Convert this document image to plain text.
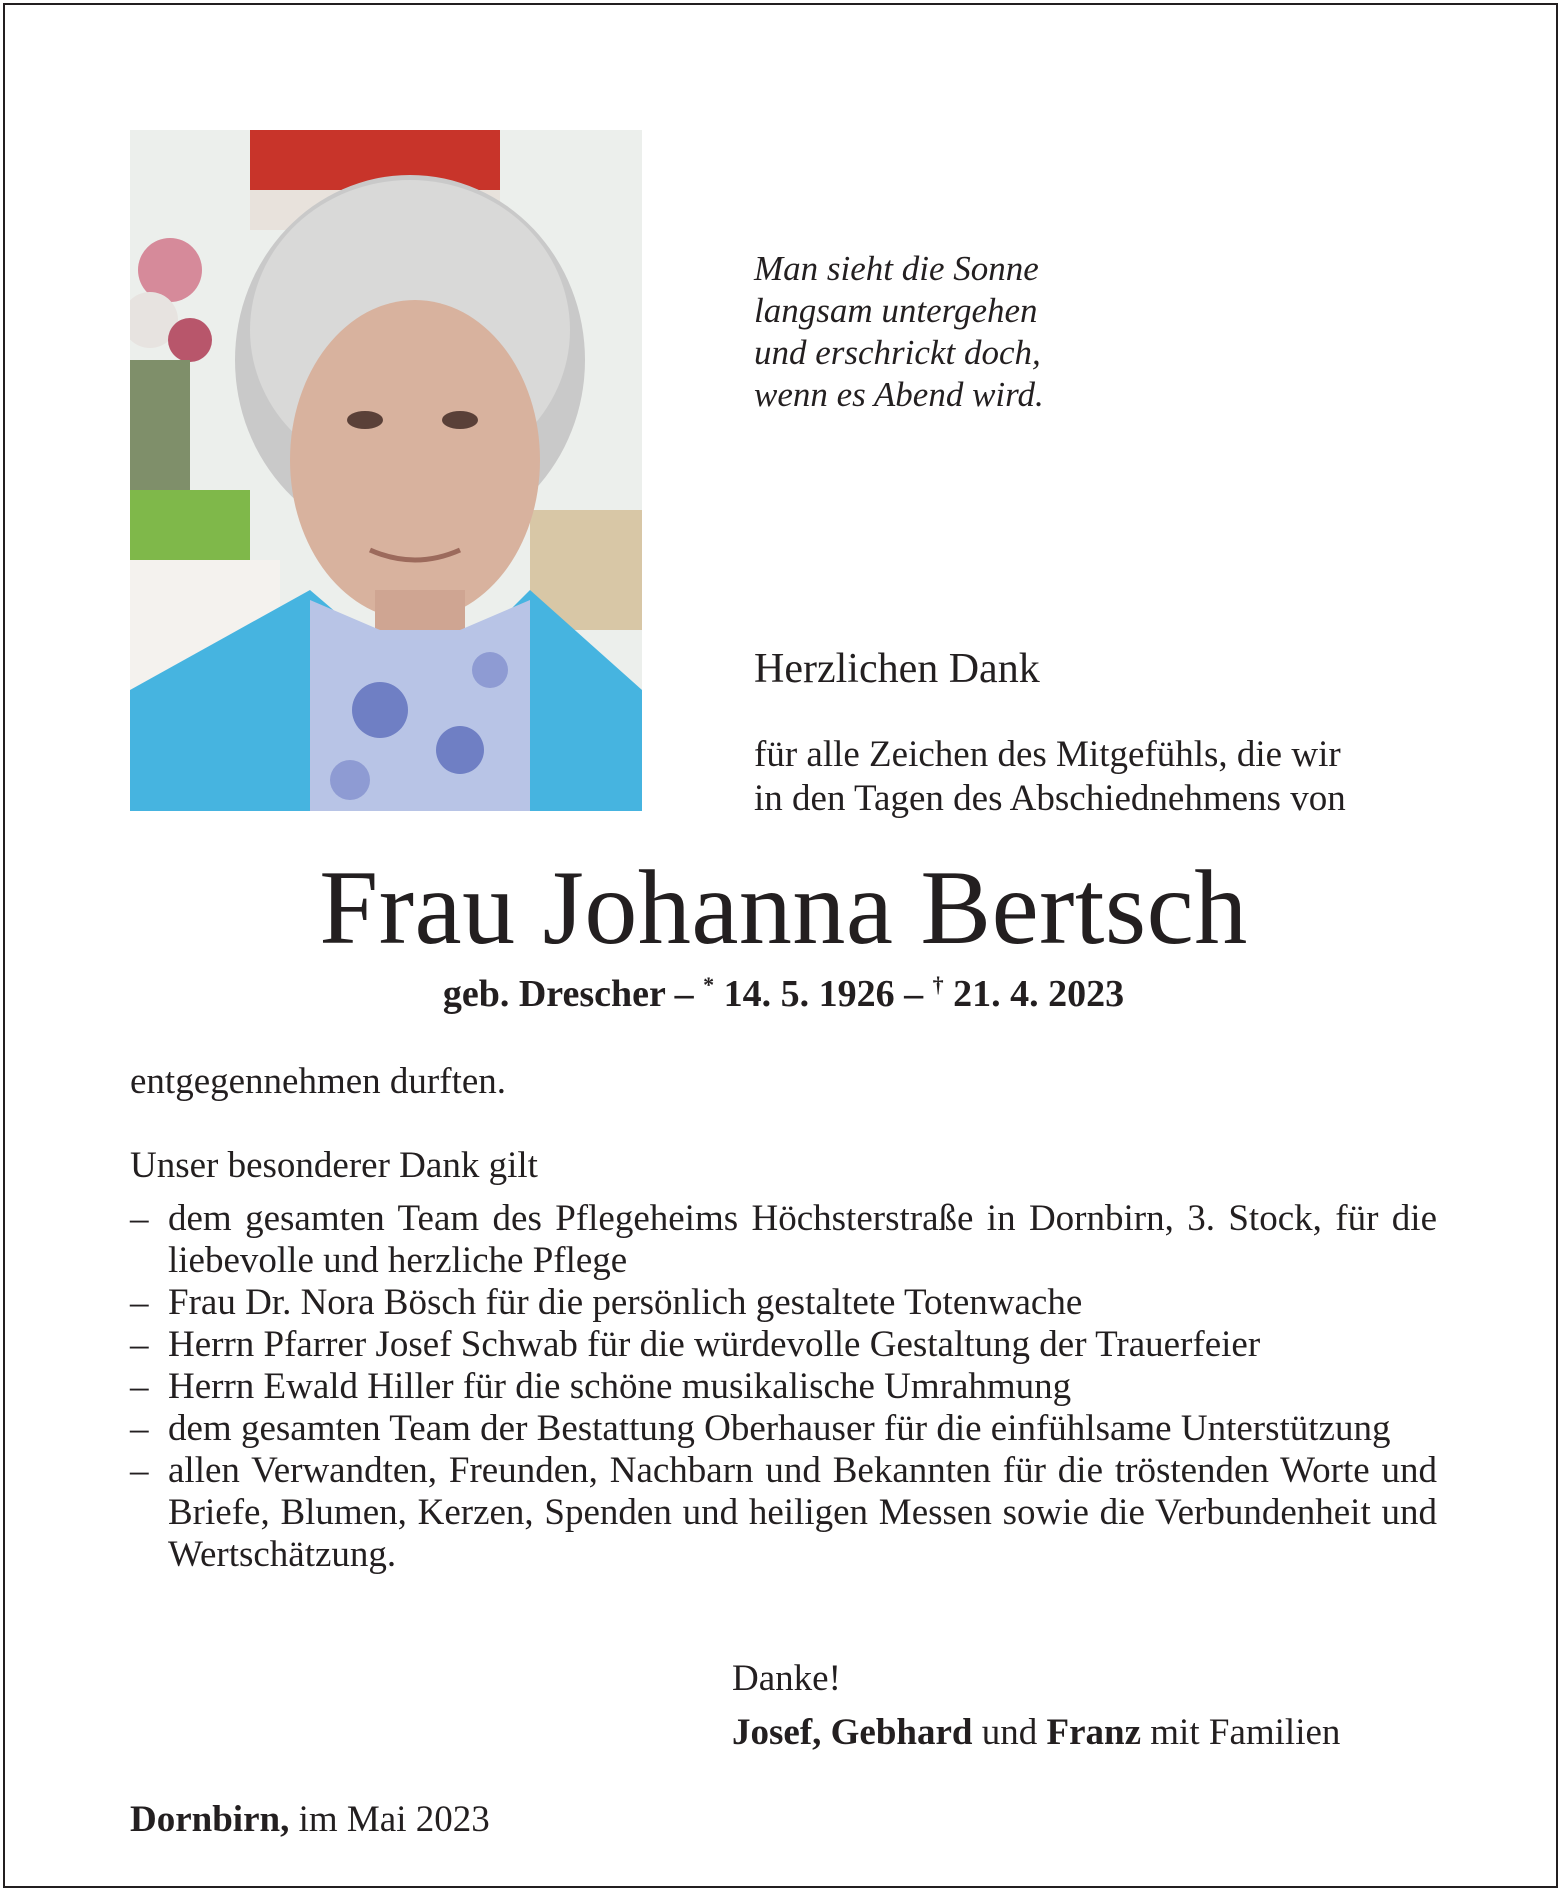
Man sieht die Sonne
langsam untergehen
und erschrickt doch,
wenn es Abend wird.

Herzlichen Dank

für alle Zeichen des Mitgefühls, die wir
in den Tagen des Abschiednehmens von

Frau Johanna Bertsch

geb. Drescher – * 14. 5. 1926 – † 21. 4. 2023

entgegennehmen durften.

Unser besonderer Dank gilt

– dem gesamten Team des Pflegeheims Höchsterstraße in Dornbirn, 3. Stock, für die liebevolle und herzliche Pflege
– Frau Dr. Nora Bösch für die persönlich gestaltete Totenwache
– Herrn Pfarrer Josef Schwab für die würdevolle Gestaltung der Trauerfeier
– Herrn Ewald Hiller für die schöne musikalische Umrahmung
– dem gesamten Team der Bestattung Oberhauser für die einfühlsame Unterstützung
– allen Verwandten, Freunden, Nachbarn und Bekannten für die tröstenden Worte und Briefe, Blumen, Kerzen, Spenden und heiligen Messen sowie die Verbundenheit und Wertschätzung.

Danke!

Josef, Gebhard und Franz mit Familien

Dornbirn, im Mai 2023
